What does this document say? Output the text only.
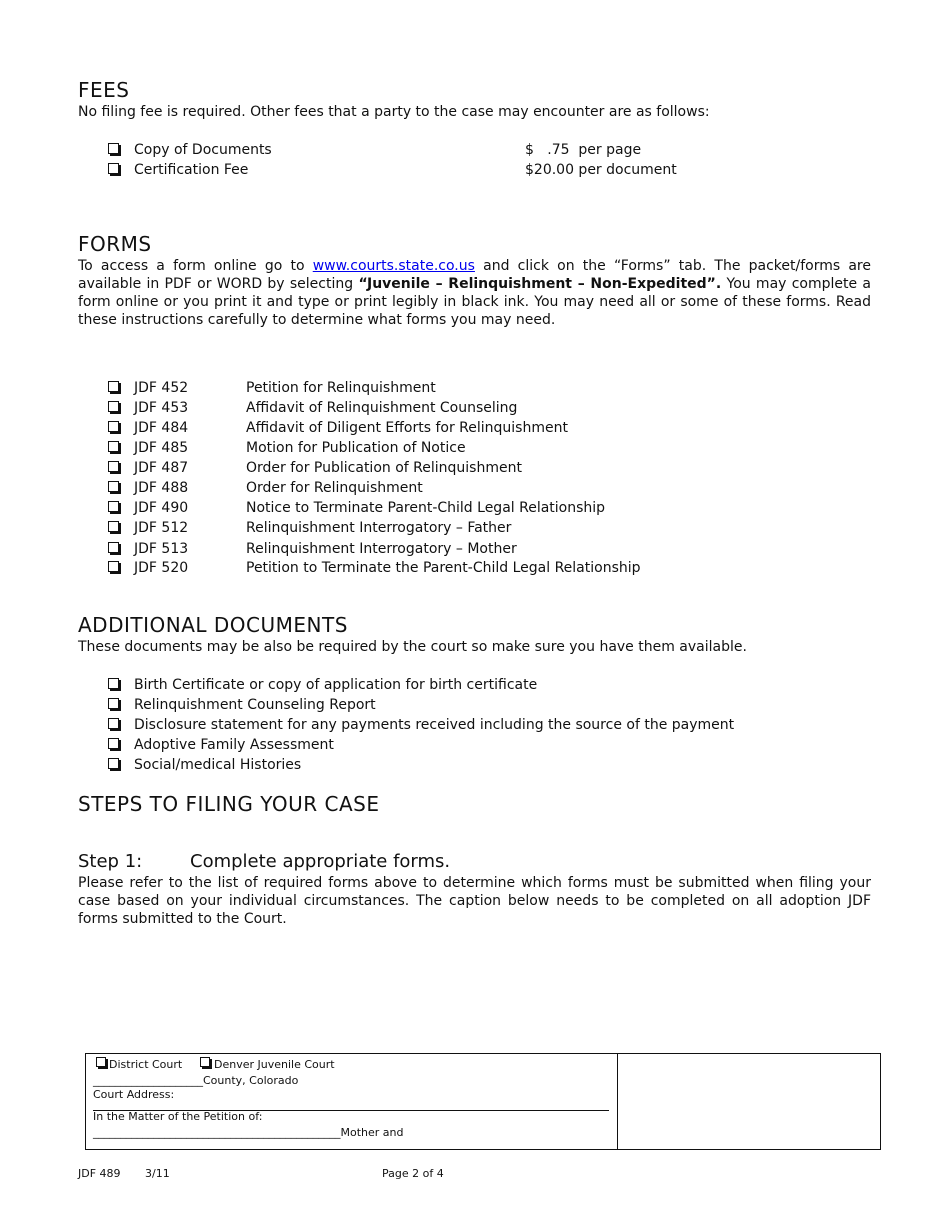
FEES
No filing fee is required. Other fees that a party to the case may encounter are as follows:
Copy of Documents	$   .75  per page
Certification Fee	$20.00 per document
FORMS
To access a form online go to www.courts.state.co.us and click on the “Forms” tab. The packet/forms are available in PDF or WORD by selecting “Juvenile – Relinquishment – Non-Expedited”. You may complete a form online or you print it and type or print legibly in black ink. You may need all or some of these forms. Read these instructions carefully to determine what forms you may need.
JDF 452	Petition for Relinquishment
JDF 453	Affidavit of Relinquishment Counseling
JDF 484	Affidavit of Diligent Efforts for Relinquishment
JDF 485	Motion for Publication of Notice
JDF 487	Order for Publication of Relinquishment
JDF 488	Order for Relinquishment
JDF 490	Notice to Terminate Parent-Child Legal Relationship
JDF 512	Relinquishment Interrogatory – Father
JDF 513	Relinquishment Interrogatory – Mother
JDF 520	Petition to Terminate the Parent-Child Legal Relationship
ADDITIONAL DOCUMENTS
These documents may be also be required by the court so make sure you have them available.
Birth Certificate or copy of application for birth certificate
Relinquishment Counseling Report
Disclosure statement for any payments received including the source of the payment
Adoptive Family Assessment
Social/medical Histories
STEPS TO FILING YOUR CASE
Step 1:	Complete appropriate forms.
Please refer to the list of required forms above to determine which forms must be submitted when filing your case based on your individual circumstances. The caption below needs to be completed on all adoption JDF forms submitted to the Court.
District Court	Denver Juvenile Court
____________________County, Colorado
Court Address:
In the Matter of the Petition of:
_____________________________________________Mother and
JDF 489 3/11	Page 2 of 4
